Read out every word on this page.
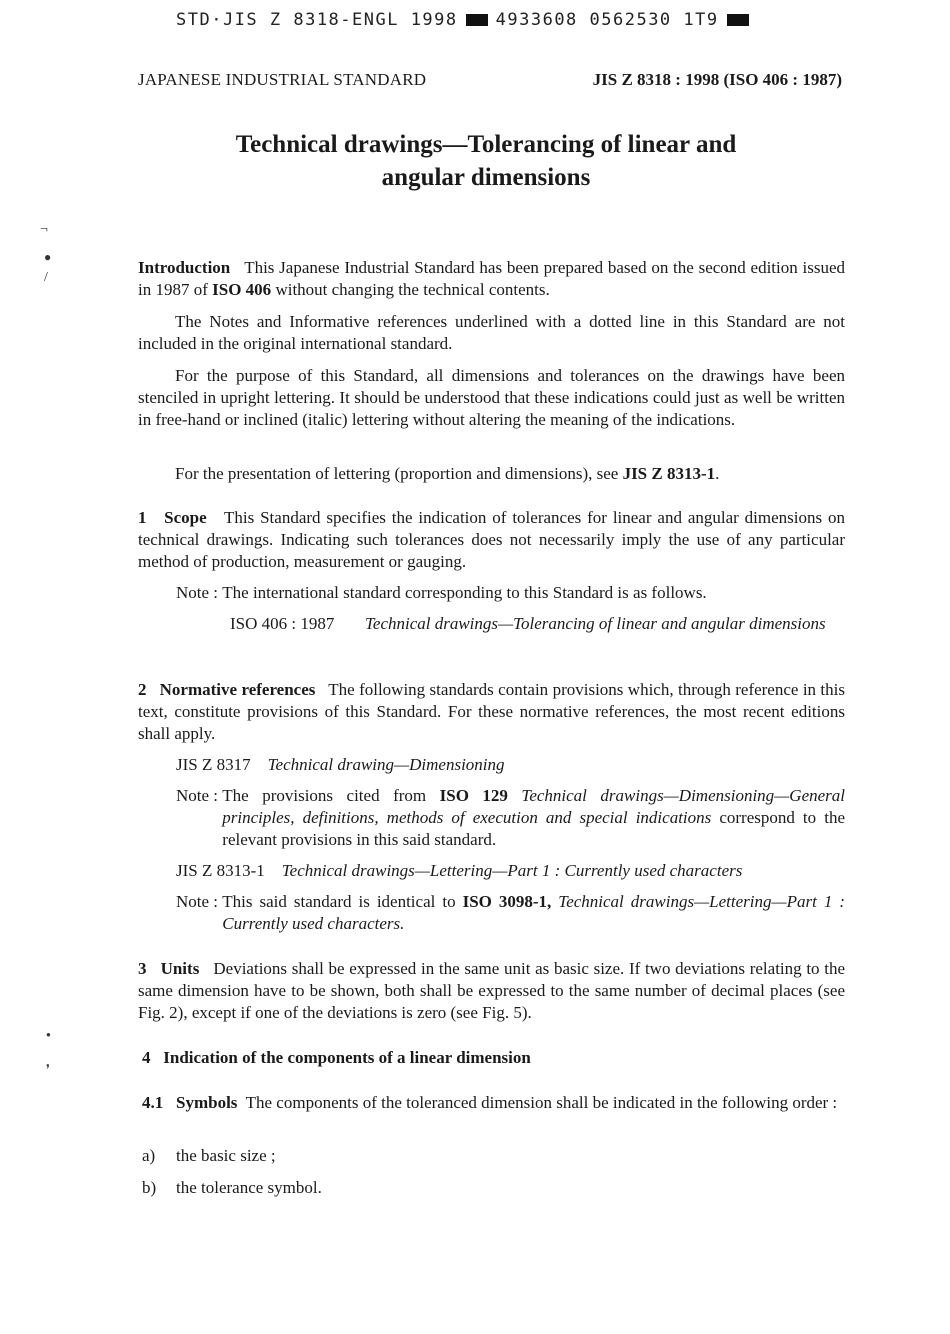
STD·JIS Z 8318-ENGL 1998 4933608 0562530 1T9
JAPANESE INDUSTRIAL STANDARD	JIS Z 8318 : 1998 (ISO 406 : 1987)
Technical drawings—Tolerancing of linear and
angular dimensions
¬
●
/
●
❜
Introduction This Japanese Industrial Standard has been prepared based on the second edition issued in 1987 of ISO 406 without changing the technical contents.
The Notes and Informative references underlined with a dotted line in this Standard are not included in the original international standard.
For the purpose of this Standard, all dimensions and tolerances on the drawings have been stenciled in upright lettering. It should be understood that these indications could just as well be written in free-hand or inclined (italic) lettering without altering the meaning of the indications.
For the presentation of lettering (proportion and dimensions), see JIS Z 8313-1.
1 Scope This Standard specifies the indication of tolerances for linear and angular dimensions on technical drawings. Indicating such tolerances does not necessarily imply the use of any particular method of production, measurement or gauging.
Note :
The international standard corresponding to this Standard is as follows.
ISO 406 : 1987	Technical drawings—Tolerancing of linear and angular dimensions
2 Normative references The following standards contain provisions which, through reference in this text, constitute provisions of this Standard. For these normative references, the most recent editions shall apply.
JIS Z 8317 Technical drawing—Dimensioning
Note :
The provisions cited from ISO 129 Technical drawings—Dimensioning—General principles, definitions, methods of execution and special indications correspond to the relevant provisions in this said standard.
JIS Z 8313-1 Technical drawings—Lettering—Part 1 : Currently used characters
Note :
This said standard is identical to ISO 3098-1, Technical drawings—Lettering—Part 1 : Currently used characters.
3 Units Deviations shall be expressed in the same unit as basic size. If two deviations relating to the same dimension have to be shown, both shall be expressed to the same number of decimal places (see Fig. 2), except if one of the deviations is zero (see Fig. 5).
4 Indication of the components of a linear dimension
4.1 Symbols The components of the toleranced dimension shall be indicated in the following order :
a) the basic size ;
b) the tolerance symbol.
